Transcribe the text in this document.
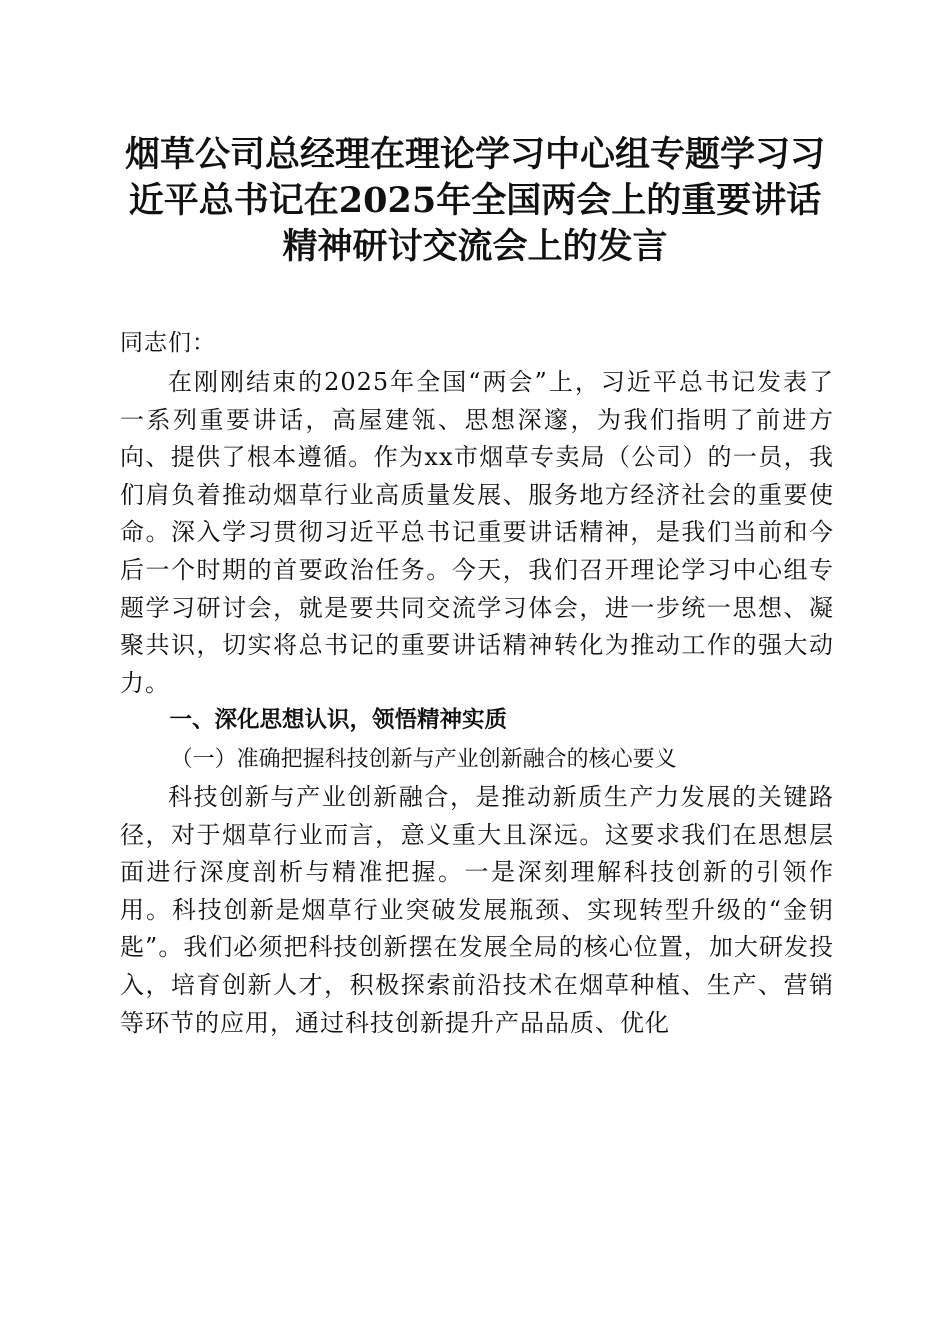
烟草公司总经理在理论学习中心组专题学习习
近平总书记在2025年全国两会上的重要讲话
精神研讨交流会上的发言

同志们：

在刚刚结束的2025年全国“两会”上，习近平总书记发表了一系列重要讲话，高屋建瓴、思想深邃，为我们指明了前进方向、提供了根本遵循。作为xx市烟草专卖局（公司）的一员，我们肩负着推动烟草行业高质量发展、服务地方经济社会的重要使命。深入学习贯彻习近平总书记重要讲话精神，是我们当前和今后一个时期的首要政治任务。今天，我们召开理论学习中心组专题学习研讨会，就是要共同交流学习体会，进一步统一思想、凝聚共识，切实将总书记的重要讲话精神转化为推动工作的强大动力。

一、深化思想认识，领悟精神实质

（一）准确把握科技创新与产业创新融合的核心要义

科技创新与产业创新融合，是推动新质生产力发展的关键路径，对于烟草行业而言，意义重大且深远。这要求我们在思想层面进行深度剖析与精准把握。一是深刻理解科技创新的引领作用。科技创新是烟草行业突破发展瓶颈、实现转型升级的“金钥匙”。我们必须把科技创新摆在发展全局的核心位置，加大研发投入，培育创新人才，积极探索前沿技术在烟草种植、生产、营销等环节的应用，通过科技创新提升产品品质、优化
